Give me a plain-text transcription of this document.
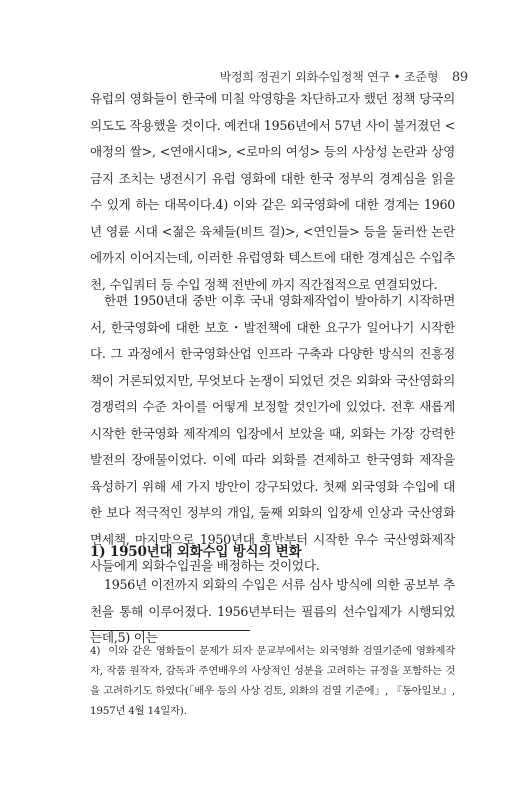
박정희 정권기 외화수입정책 연구 • 조준형 89

유럽의 영화들이 한국에 미칠 악영향을 차단하고자 했던 정책 당국의 의도도 작용했을 것이다. 예컨대 1956년에서 57년 사이 불거졌던 <애정의 쌀>, <연애시대>, <로마의 여성> 등의 사상성 논란과 상영금지 조치는 냉전시기 유럽 영화에 대한 한국 정부의 경계심을 읽을 수 있게 하는 대목이다.4) 이와 같은 외국영화에 대한 경계는 1960년 영륜 시대 <젊은 육체들(비트 걸)>, <연인들> 등을 둘러싼 논란에까지 이어지는데, 이러한 유럽영화 텍스트에 대한 경계심은 수입추천, 수입쿼터 등 수입 정책 전반에 까지 직간접적으로 연결되었다.

한편 1950년대 중반 이후 국내 영화제작업이 발아하기 시작하면서, 한국영화에 대한 보호・발전책에 대한 요구가 일어나기 시작한다. 그 과정에서 한국영화산업 인프라 구축과 다양한 방식의 진흥정책이 거론되었지만, 무엇보다 논쟁이 되었던 것은 외화와 국산영화의 경쟁력의 수준 차이를 어떻게 보정할 것인가에 있었다. 전후 새롭게 시작한 한국영화 제작계의 입장에서 보았을 때, 외화는 가장 강력한 발전의 장애물이었다. 이에 따라 외화를 견제하고 한국영화 제작을 육성하기 위해 세 가지 방안이 강구되었다. 첫째 외국영화 수입에 대한 보다 적극적인 정부의 개입, 둘째 외화의 입장세 인상과 국산영화 면세책, 마지막으로 1950년대 후반부터 시작한 우수 국산영화제작사들에게 외화수입권을 배정하는 것이었다.

1) 1950년대 외화수입 방식의 변화

1956년 이전까지 외화의 수입은 서류 심사 방식에 의한 공보부 추천을 통해 이루어졌다. 1956년부터는 필름의 선수입제가 시행되었는데,5) 이는

4) 이와 같은 영화들이 문제가 되자 문교부에서는 외국영화 검열기준에 영화제작자, 작품 원작자, 감독과 주연배우의 사상적인 성분을 고려하는 규정을 포함하는 것을 고려하기도 하였다(「배우 등의 사상 검토, 외화의 검열 기준에」, 『동아일보』, 1957년 4월 14일자).
